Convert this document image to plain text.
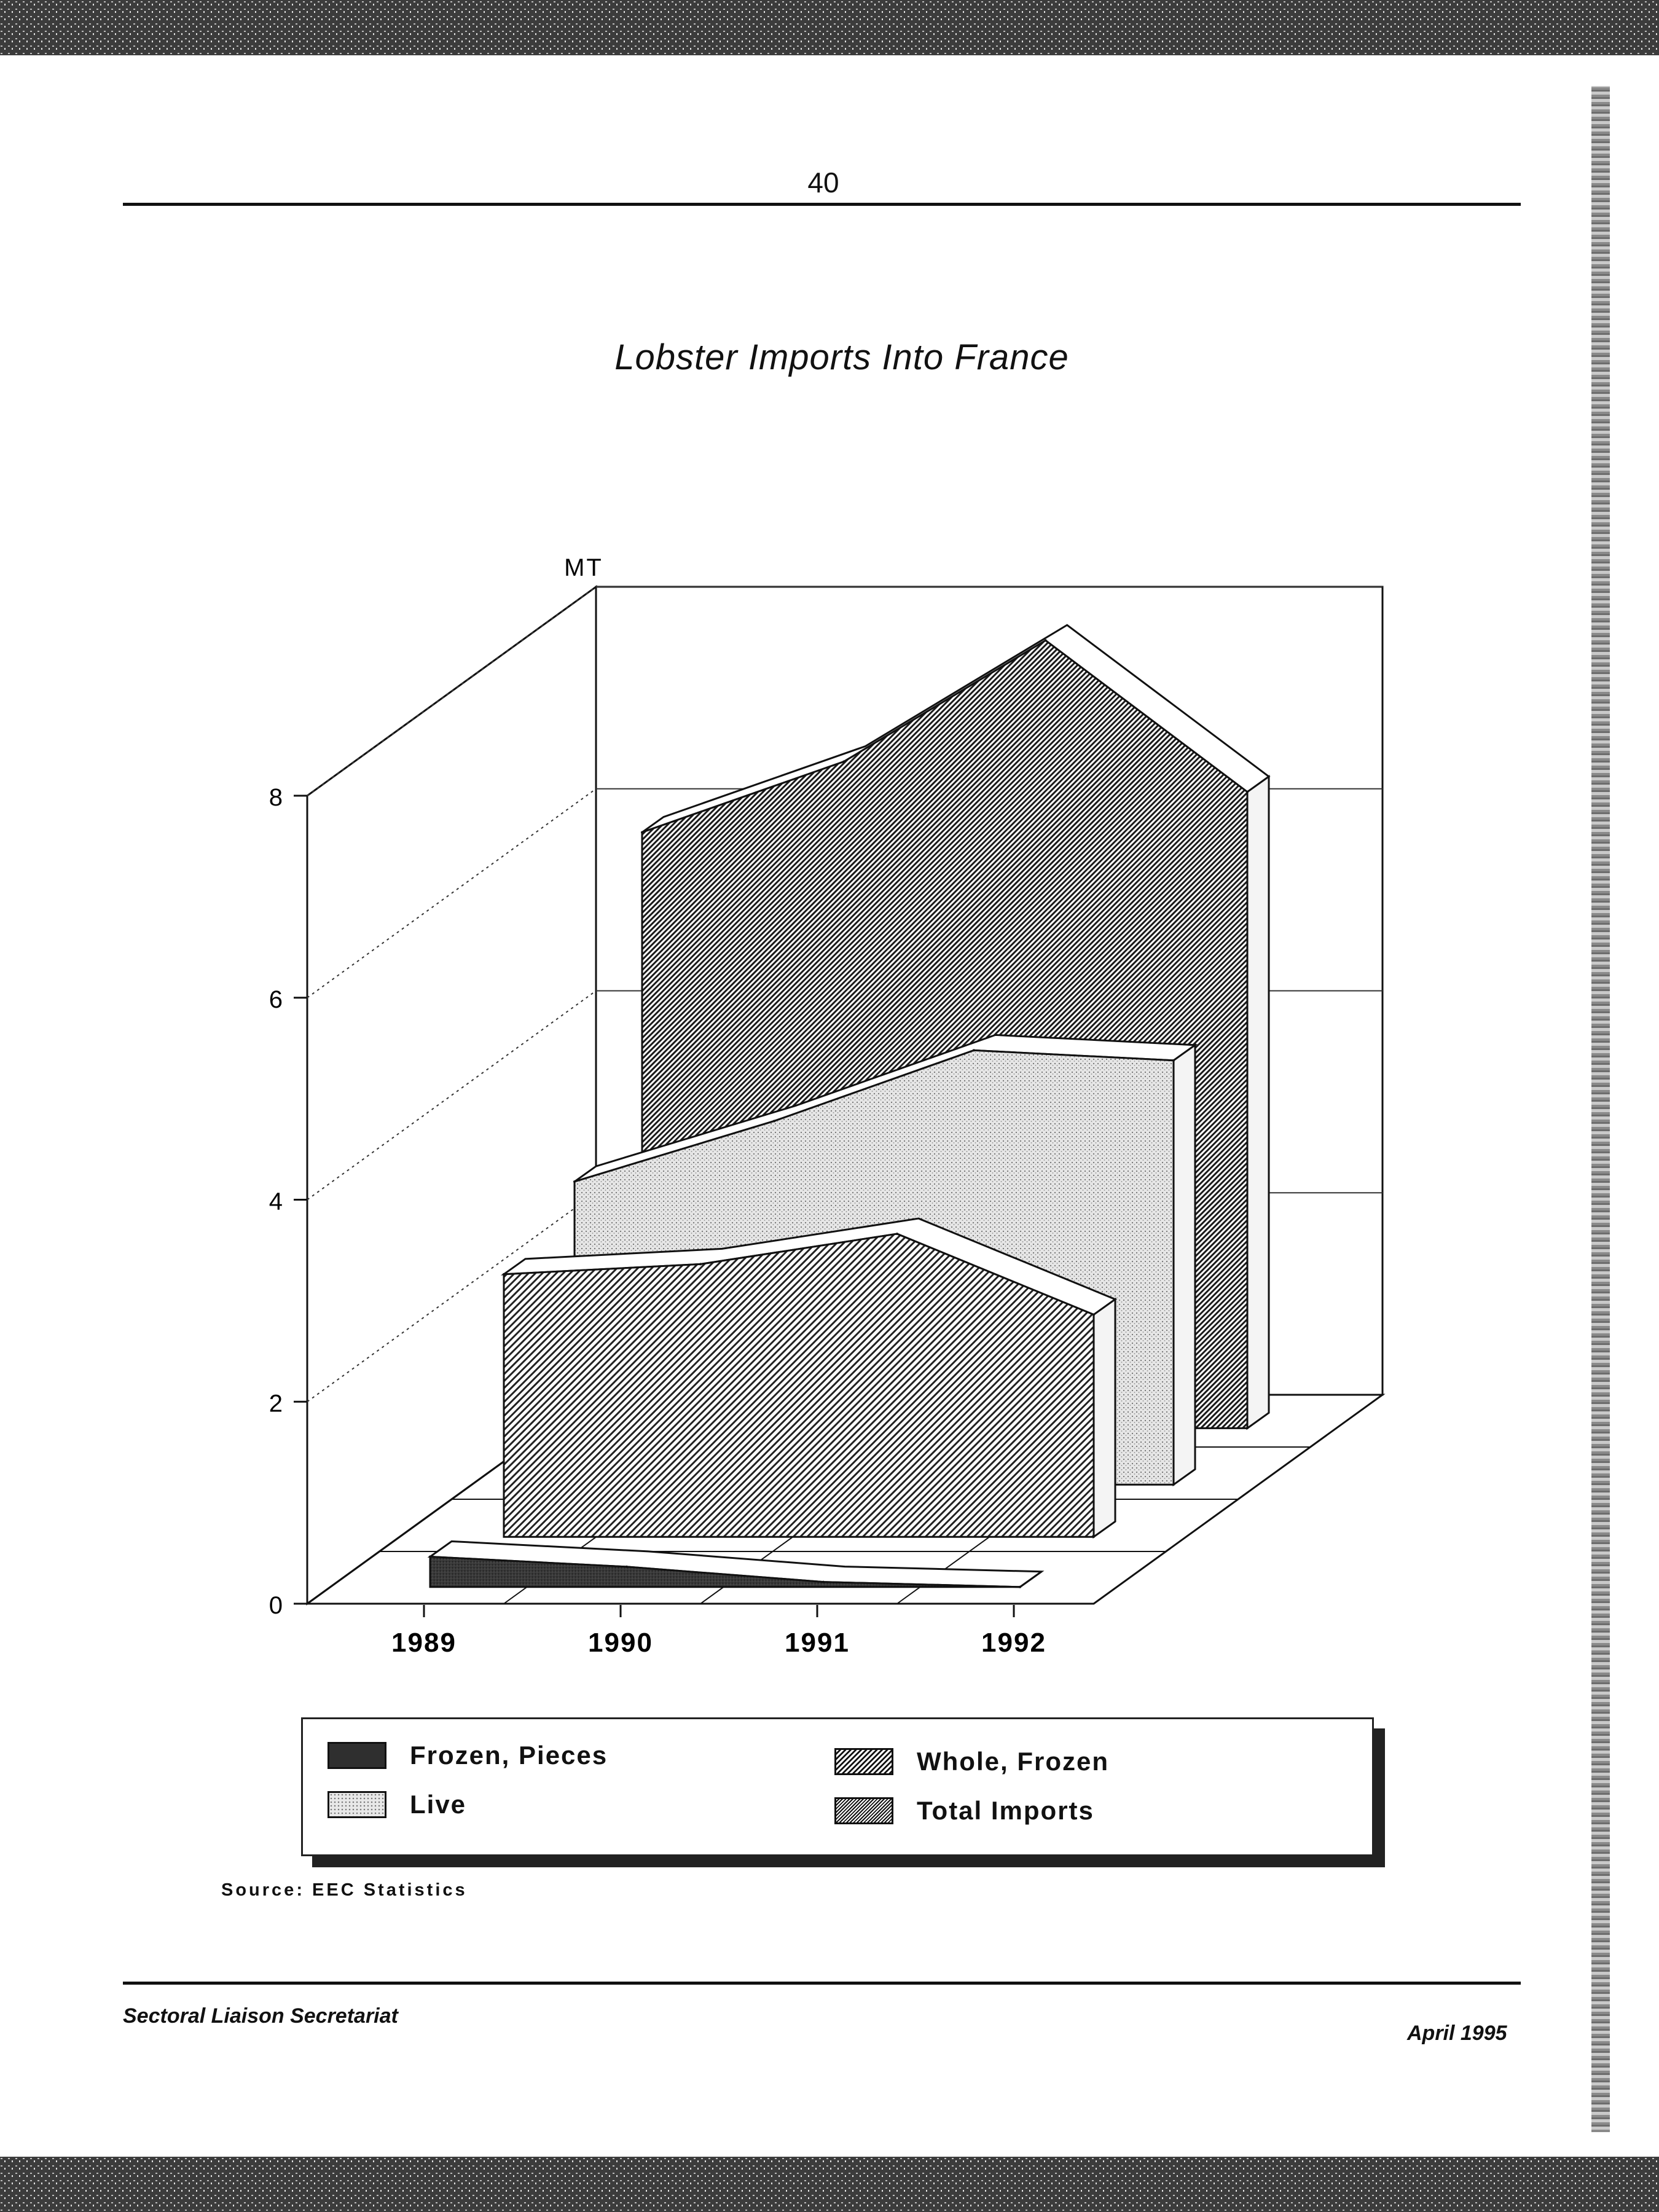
40
Lobster Imports Into France
0
2
4
6
8
MT
1989	1990	1991	1992
Frozen, Pieces	Whole, Frozen
Live	Total Imports
Source: EEC Statistics
Sectoral Liaison Secretariat
April 1995
